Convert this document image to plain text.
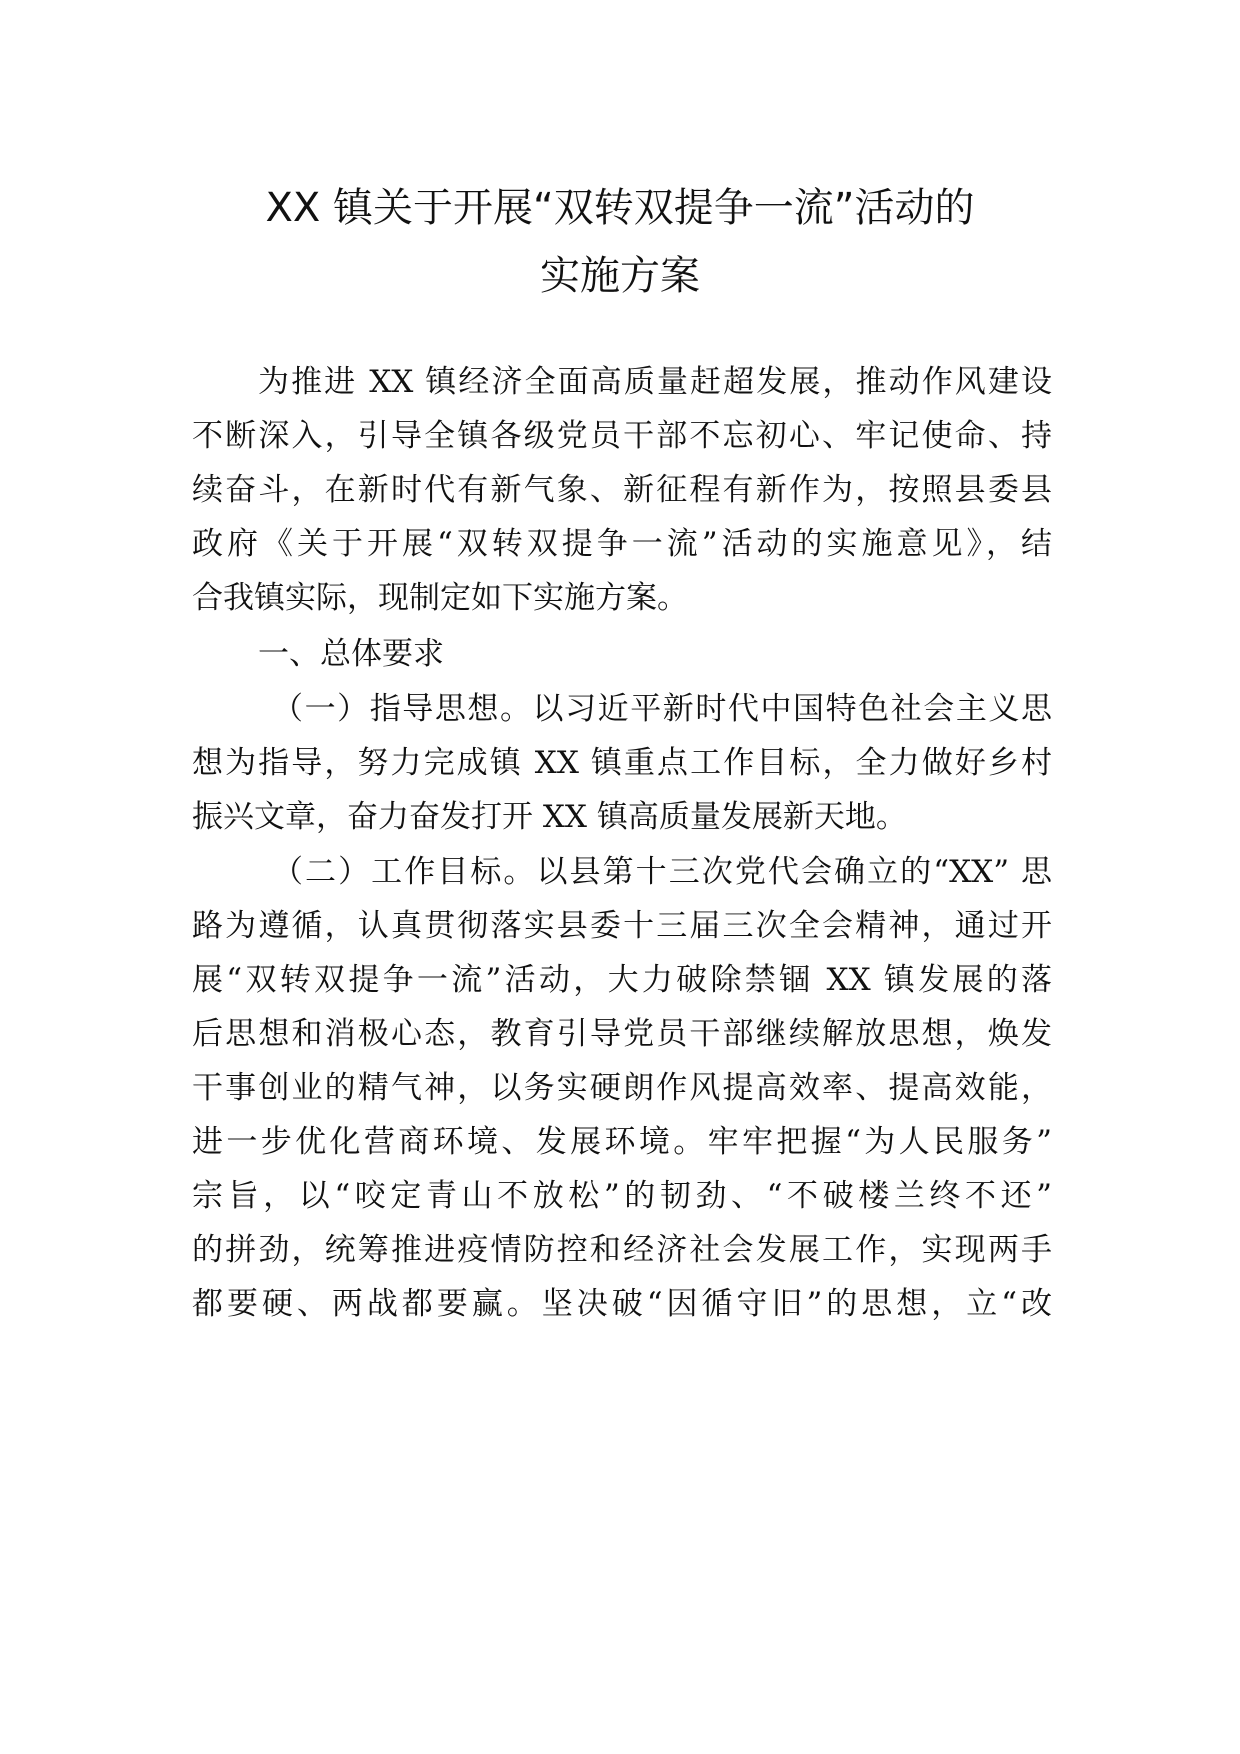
XX 镇关于开展“双转双提争一流”活动的
实施方案
为推进 XX 镇经济全面高质量赶超发展，推动作风建设
不断深入，引导全镇各级党员干部不忘初心、牢记使命、持
续奋斗，在新时代有新气象、新征程有新作为，按照县委县
政府《关于开展“双转双提争一流”活动的实施意见》，结
合我镇实际，现制定如下实施方案。
一、总体要求
（一）指导思想。以习近平新时代中国特色社会主义思
想为指导，努力完成镇 XX 镇重点工作目标，全力做好乡村
振兴文章，奋力奋发打开 XX 镇高质量发展新天地。
（二）工作目标。以县第十三次党代会确立的“XX” 思
路为遵循，认真贯彻落实县委十三届三次全会精神，通过开
展“双转双提争一流”活动，大力破除禁锢 XX 镇发展的落
后思想和消极心态，教育引导党员干部继续解放思想，焕发
干事创业的精气神，以务实硬朗作风提高效率、提高效能，
进一步优化营商环境、发展环境。牢牢把握“为人民服务”
宗旨，以“咬定青山不放松”的韧劲、“不破楼兰终不还”
的拼劲，统筹推进疫情防控和经济社会发展工作，实现两手
都要硬、两战都要赢。坚决破“因循守旧”的思想，立“改
